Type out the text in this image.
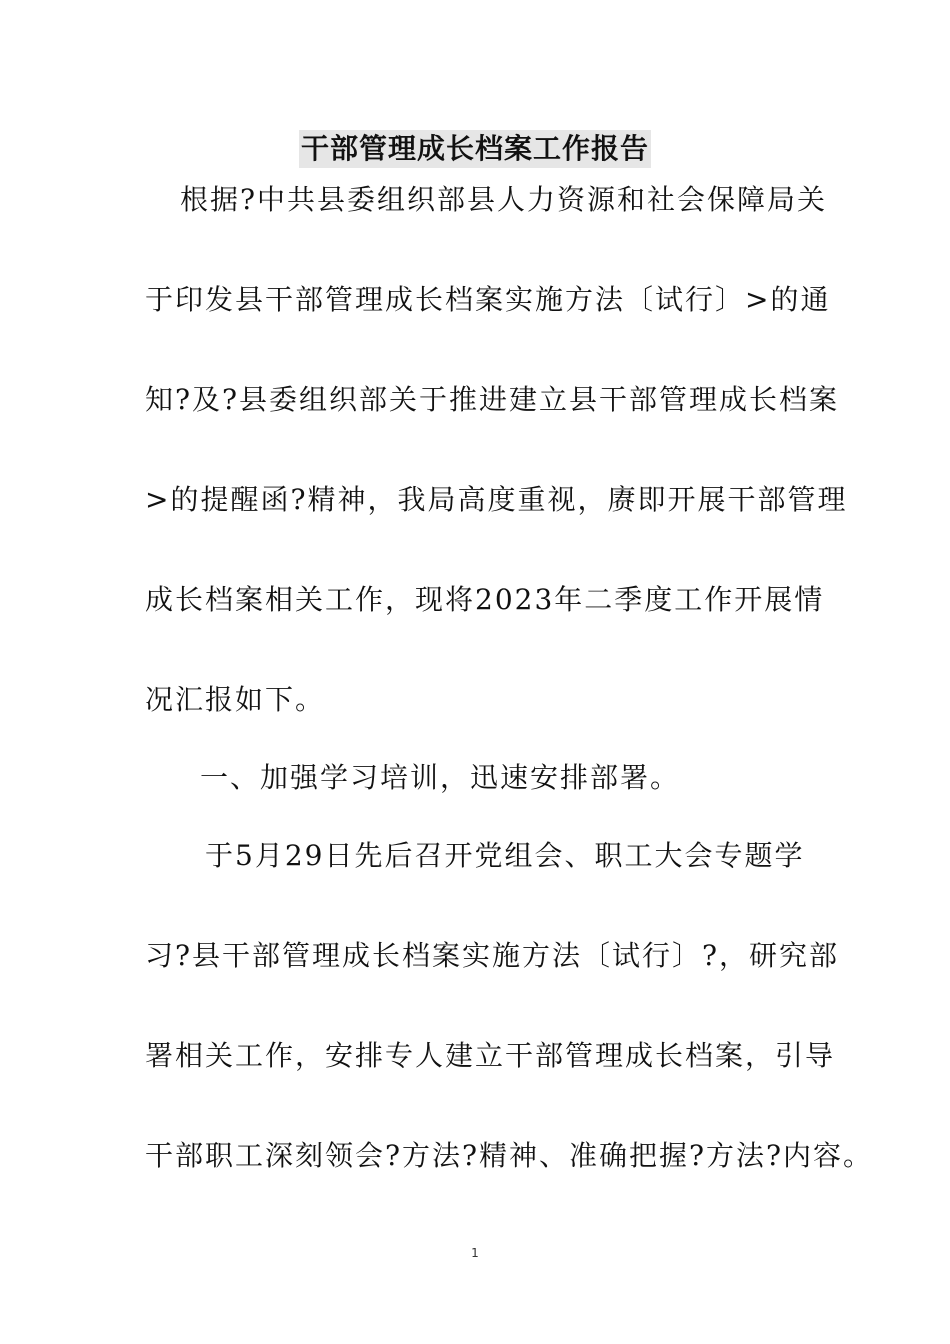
干部管理成长档案工作报告
根据?中共县委组织部县人力资源和社会保障局关
于印发县干部管理成长档案实施方法〔试行〕>的通
知?及?县委组织部关于推进建立县干部管理成长档案
>的提醒函?精神，我局高度重视，赓即开展干部管理
成长档案相关工作，现将2023年二季度工作开展情
况汇报如下。
一、加强学习培训，迅速安排部署。
于5月29日先后召开党组会、职工大会专题学
习?县干部管理成长档案实施方法〔试行〕?，研究部
署相关工作，安排专人建立干部管理成长档案，引导
干部职工深刻领会?方法?精神、准确把握?方法?内容。
1
